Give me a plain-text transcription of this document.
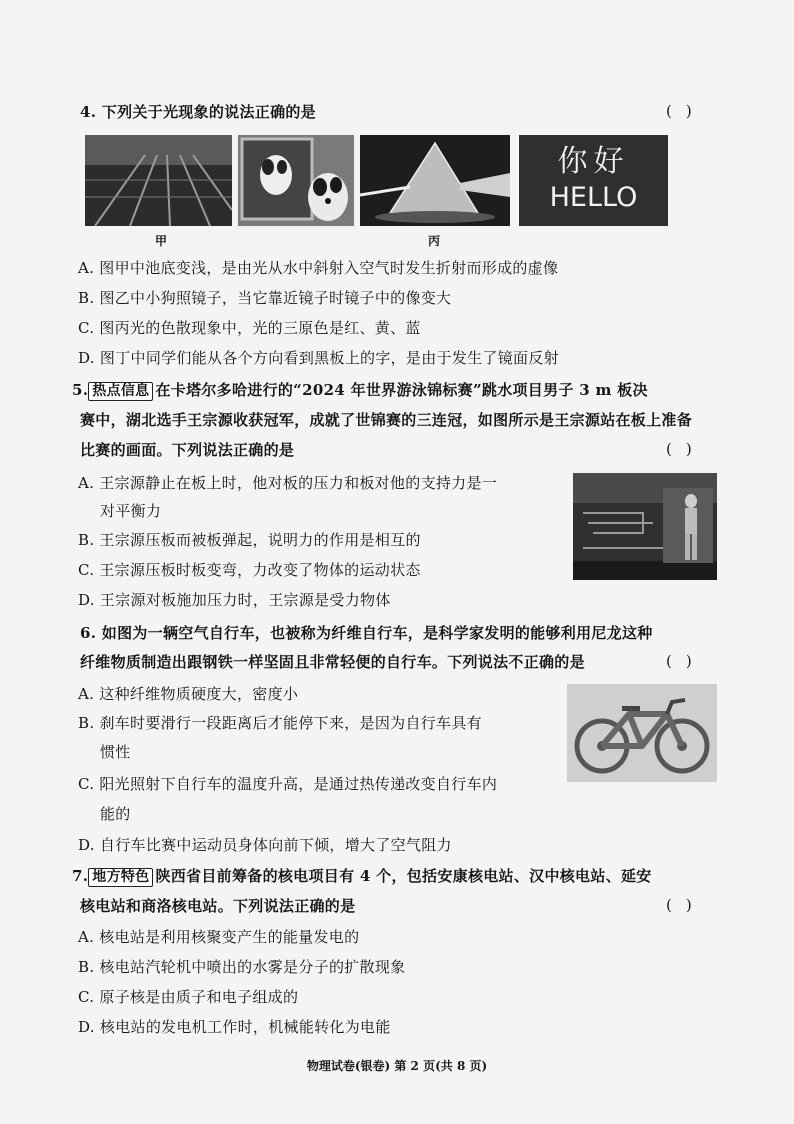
4. 下列关于光现象的说法正确的是	()
甲	丙
你好
HELLO
A. 图甲中池底变浅，是由光从水中斜射入空气时发生折射而形成的虚像
B. 图乙中小狗照镜子，当它靠近镜子时镜子中的像变大
C. 图丙光的色散现象中，光的三原色是红、黄、蓝
D. 图丁中同学们能从各个方向看到黑板上的字，是由于发生了镜面反射
5. 热点信息 在卡塔尔多哈进行的“2024 年世界游泳锦标赛”跳水项目男子 3 m 板决
赛中，湖北选手王宗源收获冠军，成就了世锦赛的三连冠，如图所示是王宗源站在板上准备
比赛的画面。下列说法正确的是	()
A. 王宗源静止在板上时，他对板的压力和板对他的支持力是一
对平衡力
B. 王宗源压板而被板弹起，说明力的作用是相互的
C. 王宗源压板时板变弯，力改变了物体的运动状态
D. 王宗源对板施加压力时，王宗源是受力物体
6. 如图为一辆空气自行车，也被称为纤维自行车，是科学家发明的能够利用尼龙这种
纤维物质制造出跟钢铁一样坚固且非常轻便的自行车。下列说法不正确的是	()
A. 这种纤维物质硬度大，密度小
B. 刹车时要滑行一段距离后才能停下来，是因为自行车具有
惯性
C. 阳光照射下自行车的温度升高，是通过热传递改变自行车内
能的
D. 自行车比赛中运动员身体向前下倾，增大了空气阻力
7. 地方特色 陕西省目前筹备的核电项目有 4 个，包括安康核电站、汉中核电站、延安
核电站和商洛核电站。下列说法正确的是	()
A. 核电站是利用核聚变产生的能量发电的
B. 核电站汽轮机中喷出的水雾是分子的扩散现象
C. 原子核是由质子和电子组成的
D. 核电站的发电机工作时，机械能转化为电能
物理试卷(银卷) 第 2 页(共 8 页)
